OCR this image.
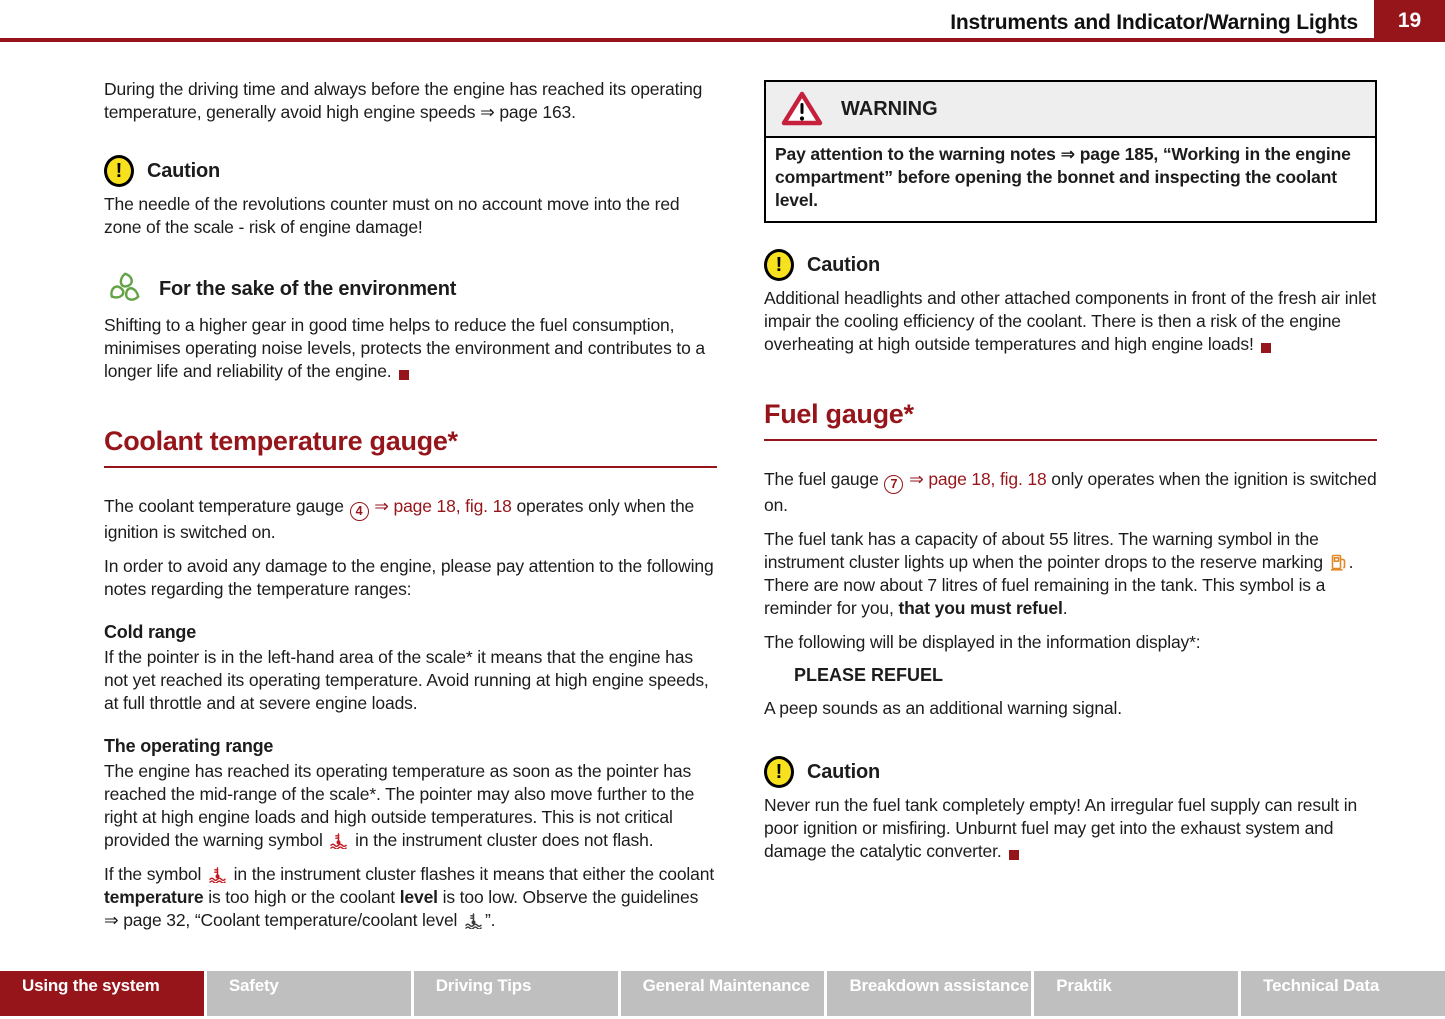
Instruments and Indicator/Warning Lights 19

During the driving time and always before the engine has reached its operating temperature, generally avoid high engine speeds ⇒ page 163.

!	Caution

The needle of the revolutions counter must on no account move into the red zone of the scale - risk of engine damage!

For the sake of the environment

Shifting to a higher gear in good time helps to reduce the fuel consumption, minimises operating noise levels, protects the environment and contributes to a longer life and reliability of the engine.

Coolant temperature gauge*

The coolant temperature gauge 4 ⇒ page 18, fig. 18 operates only when the ignition is switched on.

In order to avoid any damage to the engine, please pay attention to the following notes regarding the temperature ranges:

Cold range

If the pointer is in the left-hand area of the scale* it means that the engine has not yet reached its operating temperature. Avoid running at high engine speeds, at full throttle and at severe engine loads.

The operating range

The engine has reached its operating temperature as soon as the pointer has reached the mid-range of the scale*. The pointer may also move further to the right at high engine loads and high outside temperatures. This is not critical provided the warning symbol  in the instrument cluster does not flash.

If the symbol  in the instrument cluster flashes it means that either the coolant temperature is too high or the coolant level is too low. Observe the guidelines ⇒ page 32, “Coolant temperature/coolant level ”.

WARNING

Pay attention to the warning notes ⇒ page 185, “Working in the engine compartment” before opening the bonnet and inspecting the coolant level.

!	Caution

Additional headlights and other attached components in front of the fresh air inlet impair the cooling efficiency of the coolant. There is then a risk of the engine overheating at high outside temperatures and high engine loads!

Fuel gauge*

The fuel gauge 7 ⇒ page 18, fig. 18 only operates when the ignition is switched on.

The fuel tank has a capacity of about 55 litres. The warning symbol in the instrument cluster lights up when the pointer drops to the reserve marking . There are now about 7 litres of fuel remaining in the tank. This symbol is a reminder for you, that you must refuel.

The following will be displayed in the information display*:

PLEASE REFUEL

A peep sounds as an additional warning signal.

!	Caution

Never run the fuel tank completely empty! An irregular fuel supply can result in poor ignition or misfiring. Unburnt fuel may get into the exhaust system and damage the catalytic converter.

Using the system	Safety	Driving Tips	General Maintenance	Breakdown assistance	Praktik	Technical Data
